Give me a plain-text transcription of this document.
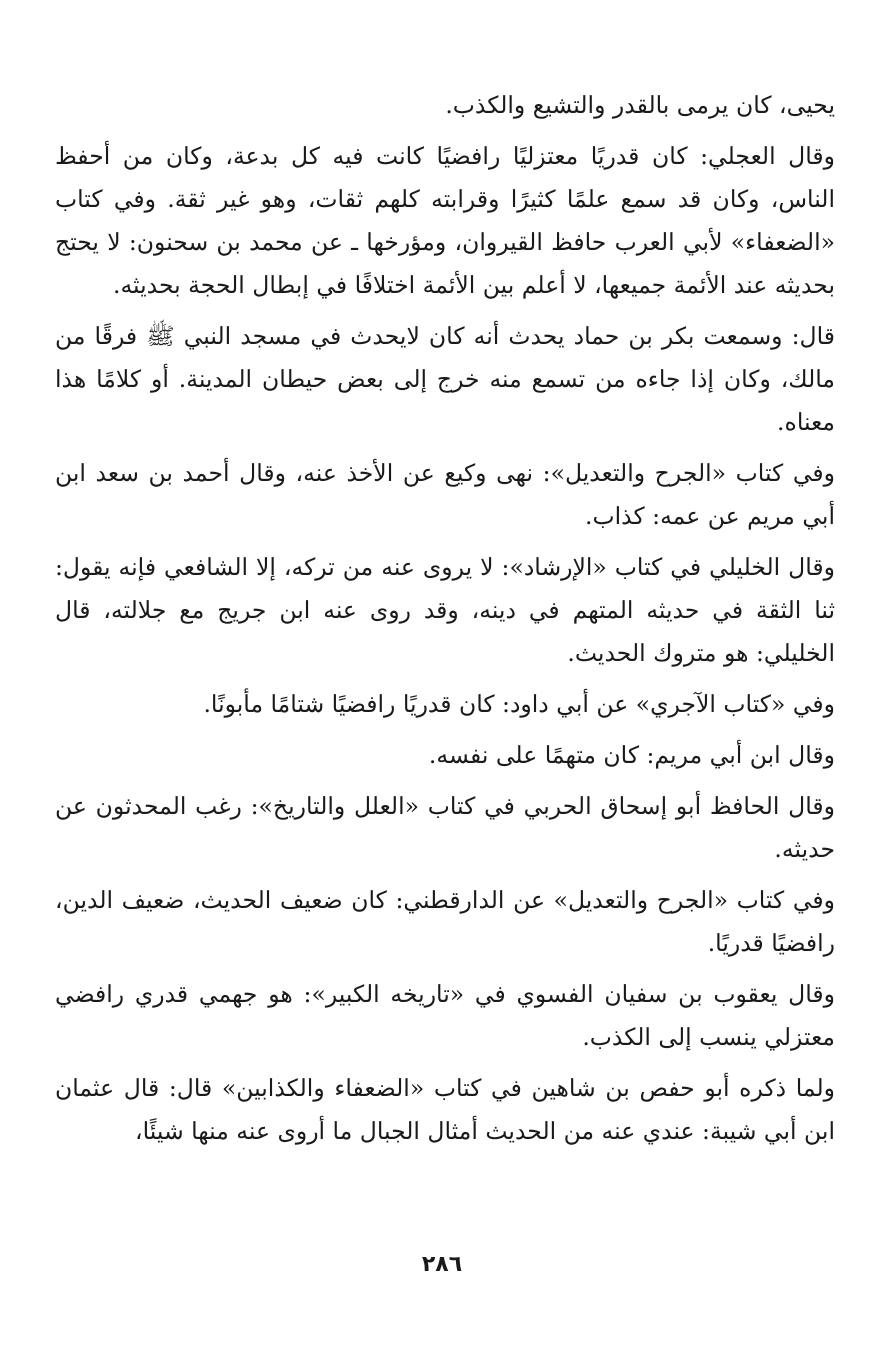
يحيى، كان يرمى بالقدر والتشيع والكذب.

وقال العجلي: كان قدريًا معتزليًا رافضيًا كانت فيه كل بدعة، وكان من أحفظ الناس، وكان قد سمع علمًا كثيرًا وقرابته كلهم ثقات، وهو غير ثقة. وفي كتاب «الضعفاء» لأبي العرب حافظ القيروان، ومؤرخها ـ عن محمد بن سحنون: لا يحتج بحديثه عند الأئمة جميعها، لا أعلم بين الأئمة اختلافًا في إبطال الحجة بحديثه.

قال: وسمعت بكر بن حماد يحدث أنه كان لايحدث في مسجد النبي ﷺ فرقًا من مالك، وكان إذا جاءه من تسمع منه خرج إلى بعض حيطان المدينة. أو كلامًا هذا معناه.

وفي كتاب «الجرح والتعديل»: نهى وكيع عن الأخذ عنه، وقال أحمد بن سعد ابن أبي مريم عن عمه: كذاب.

وقال الخليلي في كتاب «الإرشاد»: لا يروى عنه من تركه، إلا الشافعي فإنه يقول: ثنا الثقة في حديثه المتهم في دينه، وقد روى عنه ابن جريج مع جلالته، قال الخليلي: هو متروك الحديث.

وفي «كتاب الآجري» عن أبي داود: كان قدريًا رافضيًا شتامًا مأبونًا.

وقال ابن أبي مريم: كان متهمًا على نفسه.

وقال الحافظ أبو إسحاق الحربي في كتاب «العلل والتاريخ»: رغب المحدثون عن حديثه.

وفي كتاب «الجرح والتعديل» عن الدارقطني: كان ضعيف الحديث، ضعيف الدين، رافضيًا قدريًا.

وقال يعقوب بن سفيان الفسوي في «تاريخه الكبير»: هو جهمي قدري رافضي معتزلي ينسب إلى الكذب.

ولما ذكره أبو حفص بن شاهين في كتاب «الضعفاء والكذابين» قال: قال عثمان ابن أبي شيبة: عندي عنه من الحديث أمثال الجبال ما أروى عنه منها شيئًا،

٢٨٦
